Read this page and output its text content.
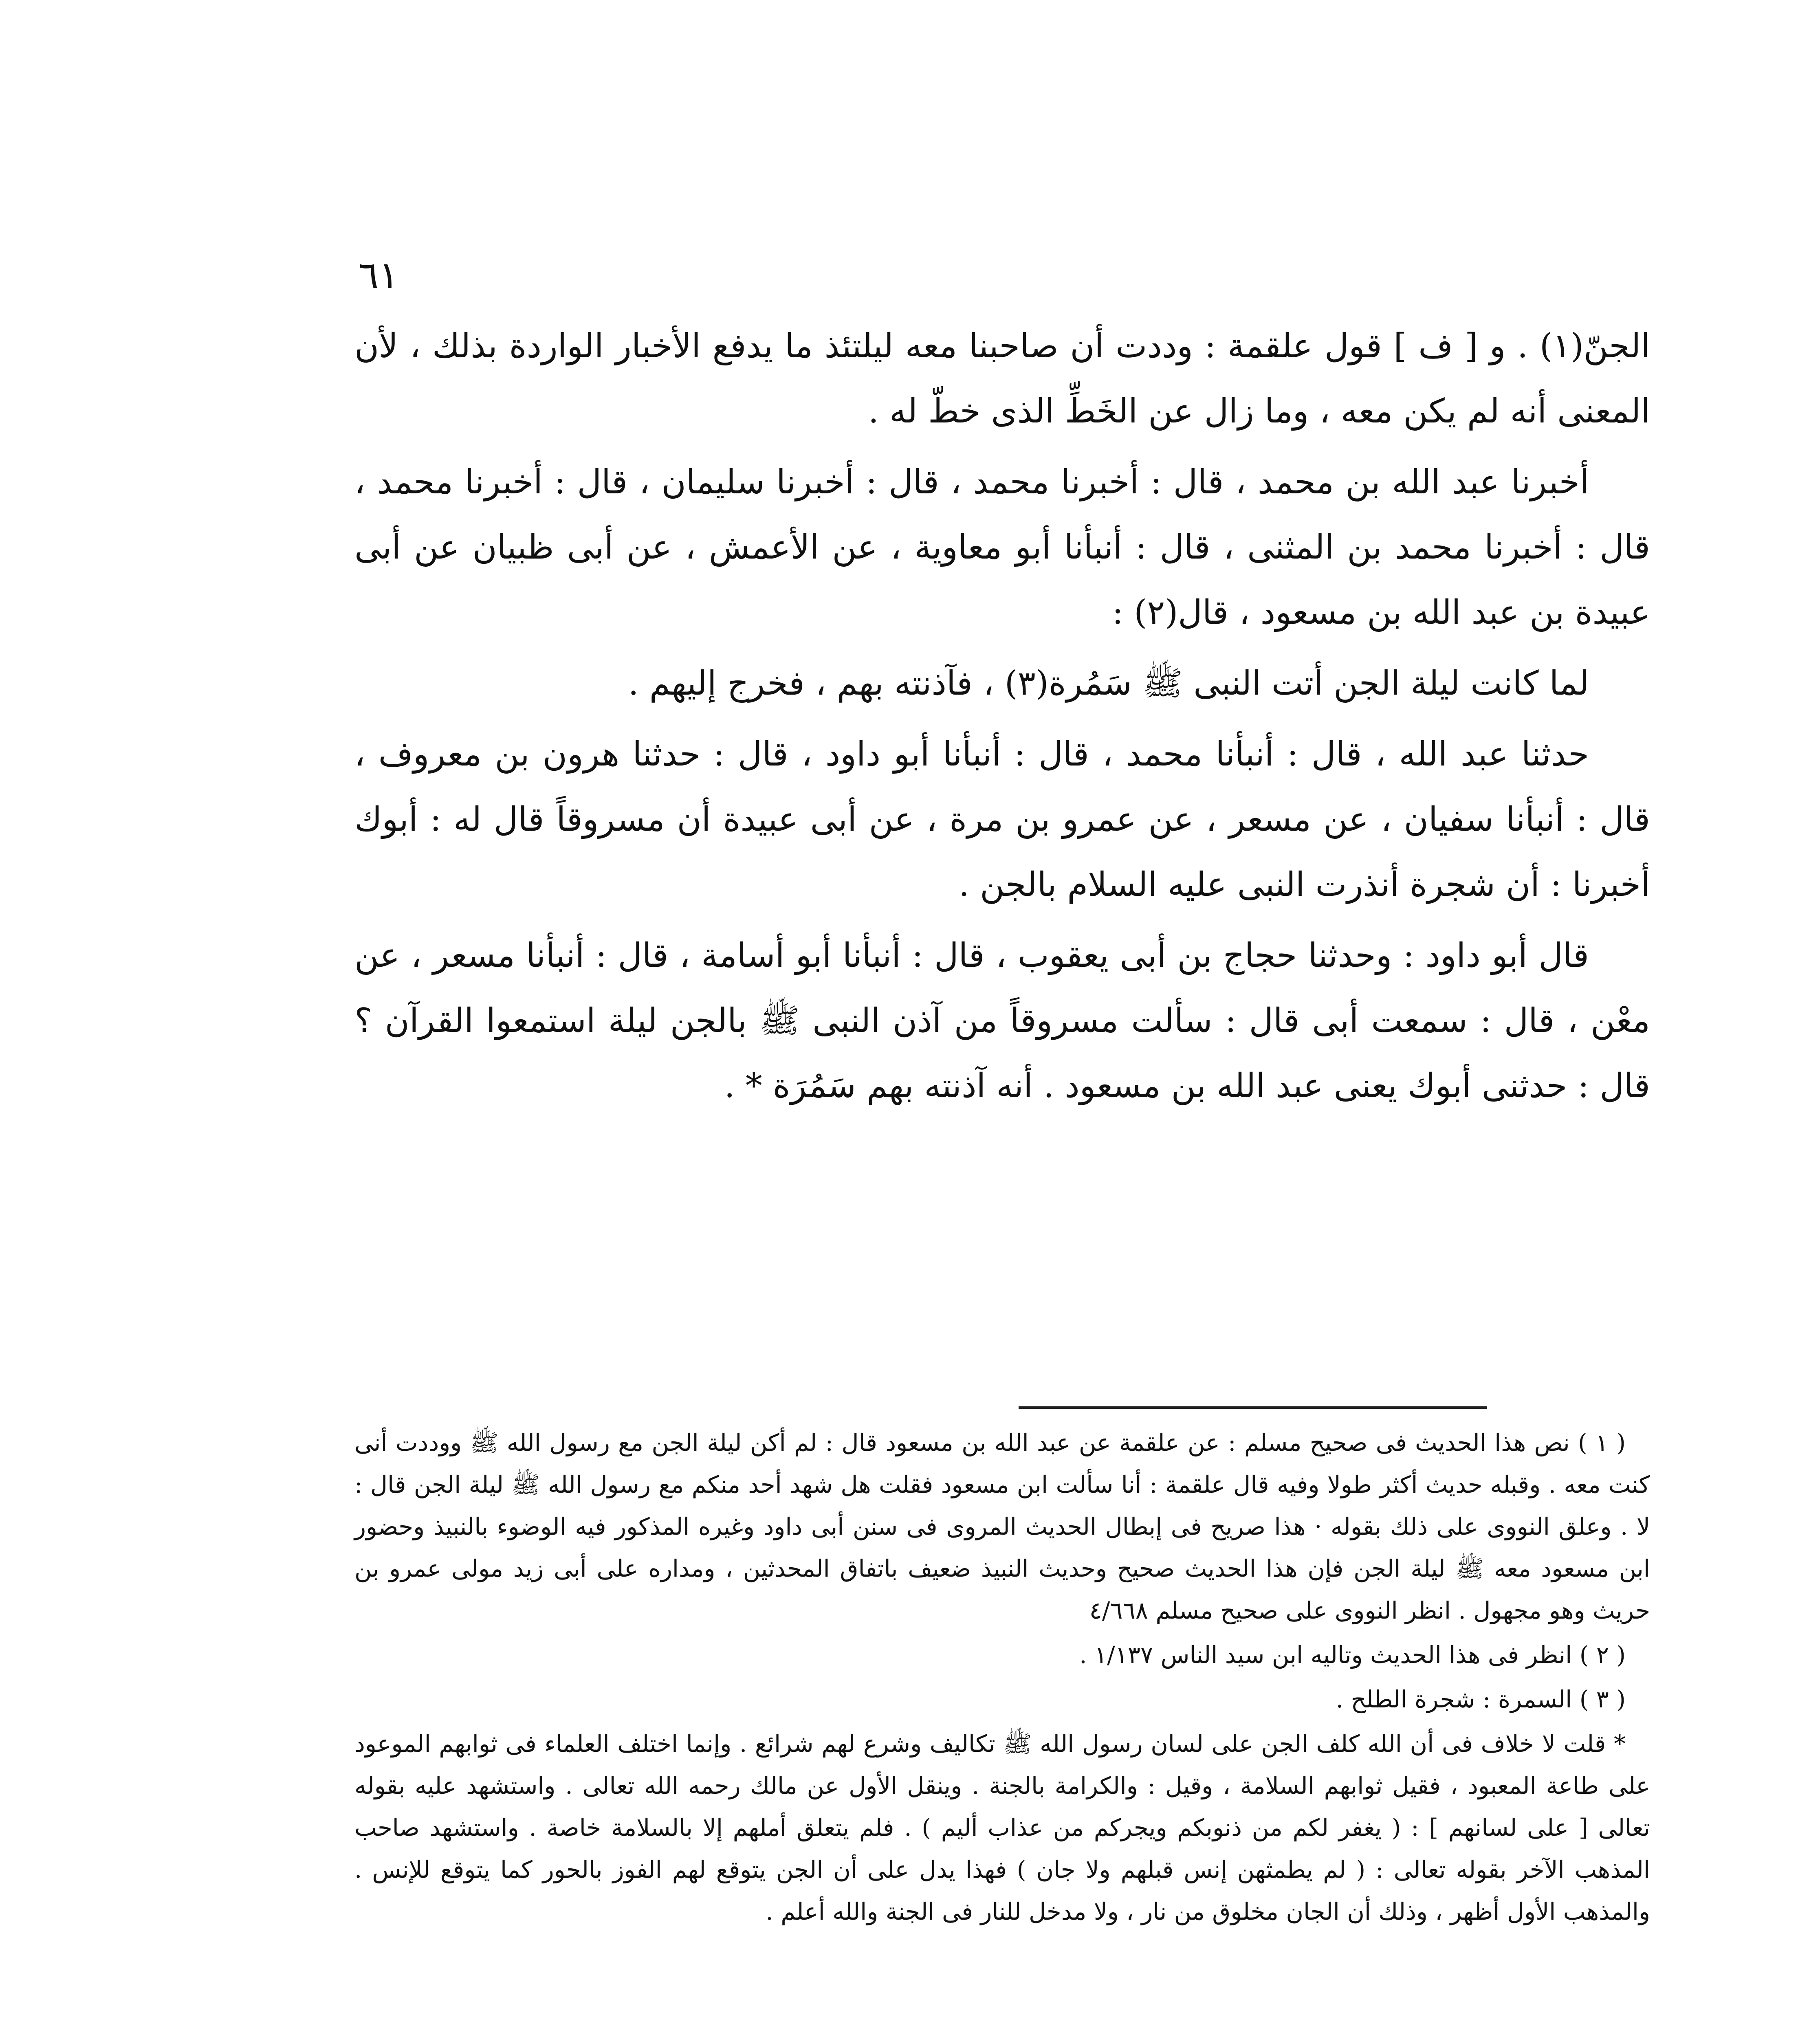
٦١

الجنّ(١) . و [ ف ] قول علقمة : وددت أن صاحبنا معه ليلتئذ ما يدفع الأخبار الواردة بذلك ، لأن المعنى أنه لم يكن معه ، وما زال عن الخَطِّ الذى خطّ له .

أخبرنا عبد الله بن محمد ، قال : أخبرنا محمد ، قال : أخبرنا سليمان ، قال : أخبرنا محمد ، قال : أخبرنا محمد بن المثنى ، قال : أنبأنا أبو معاوية ، عن الأعمش ، عن أبى ظبيان عن أبى عبيدة بن عبد الله بن مسعود ، قال(٢) :

لما كانت ليلة الجن أتت النبى ﷺ سَمُرة(٣) ، فآذنته بهم ، فخرج إليهم .

حدثنا عبد الله ، قال : أنبأنا محمد ، قال : أنبأنا أبو داود ، قال : حدثنا هرون بن معروف ، قال : أنبأنا سفيان ، عن مسعر ، عن عمرو بن مرة ، عن أبى عبيدة أن مسروقاً قال له : أبوك أخبرنا : أن شجرة أنذرت النبى عليه السلام بالجن .

قال أبو داود : وحدثنا حجاج بن أبى يعقوب ، قال : أنبأنا أبو أسامة ، قال : أنبأنا مسعر ، عن معْن ، قال : سمعت أبى قال : سألت مسروقاً من آذن النبى ﷺ بالجن ليلة استمعوا القرآن ؟ قال : حدثنى أبوك يعنى عبد الله بن مسعود . أنه آذنته بهم سَمُرَة * .

( ١ ) نص هذا الحديث فى صحيح مسلم : عن علقمة عن عبد الله بن مسعود قال : لم أكن ليلة الجن مع رسول الله ﷺ ووددت أنى كنت معه . وقبله حديث أكثر طولا وفيه قال علقمة : أنا سألت ابن مسعود فقلت هل شهد أحد منكم مع رسول الله ﷺ ليلة الجن قال : لا . وعلق النووى على ذلك بقوله · هذا صريح فى إبطال الحديث المروى فى سنن أبى داود وغيره المذكور فيه الوضوء بالنبيذ وحضور ابن مسعود معه ﷺ ليلة الجن فإن هذا الحديث صحيح وحديث النبيذ ضعيف باتفاق المحدثين ، ومداره على أبى زيد مولى عمرو بن حريث وهو مجهول . انظر النووى على صحيح مسلم ٤/٦٦٨

( ٢ ) انظر فى هذا الحديث وتاليه ابن سيد الناس ١/١٣٧ .

( ٣ ) السمرة : شجرة الطلح .

* قلت لا خلاف فى أن الله كلف الجن على لسان رسول الله ﷺ تكاليف وشرع لهم شرائع . وإنما اختلف العلماء فى ثوابهم الموعود على طاعة المعبود ، فقيل ثوابهم السلامة ، وقيل : والكرامة بالجنة . وينقل الأول عن مالك رحمه الله تعالى . واستشهد عليه بقوله تعالى [ على لسانهم ] : ( يغفر لكم من ذنوبكم ويجركم من عذاب أليم ) . فلم يتعلق أملهم إلا بالسلامة خاصة . واستشهد صاحب المذهب الآخر بقوله تعالى : ( لم يطمثهن إنس قبلهم ولا جان ) فهذا يدل على أن الجن يتوقع لهم الفوز بالحور كما يتوقع للإنس . والمذهب الأول أظهر ، وذلك أن الجان مخلوق من نار ، ولا مدخل للنار فى الجنة والله أعلم .
